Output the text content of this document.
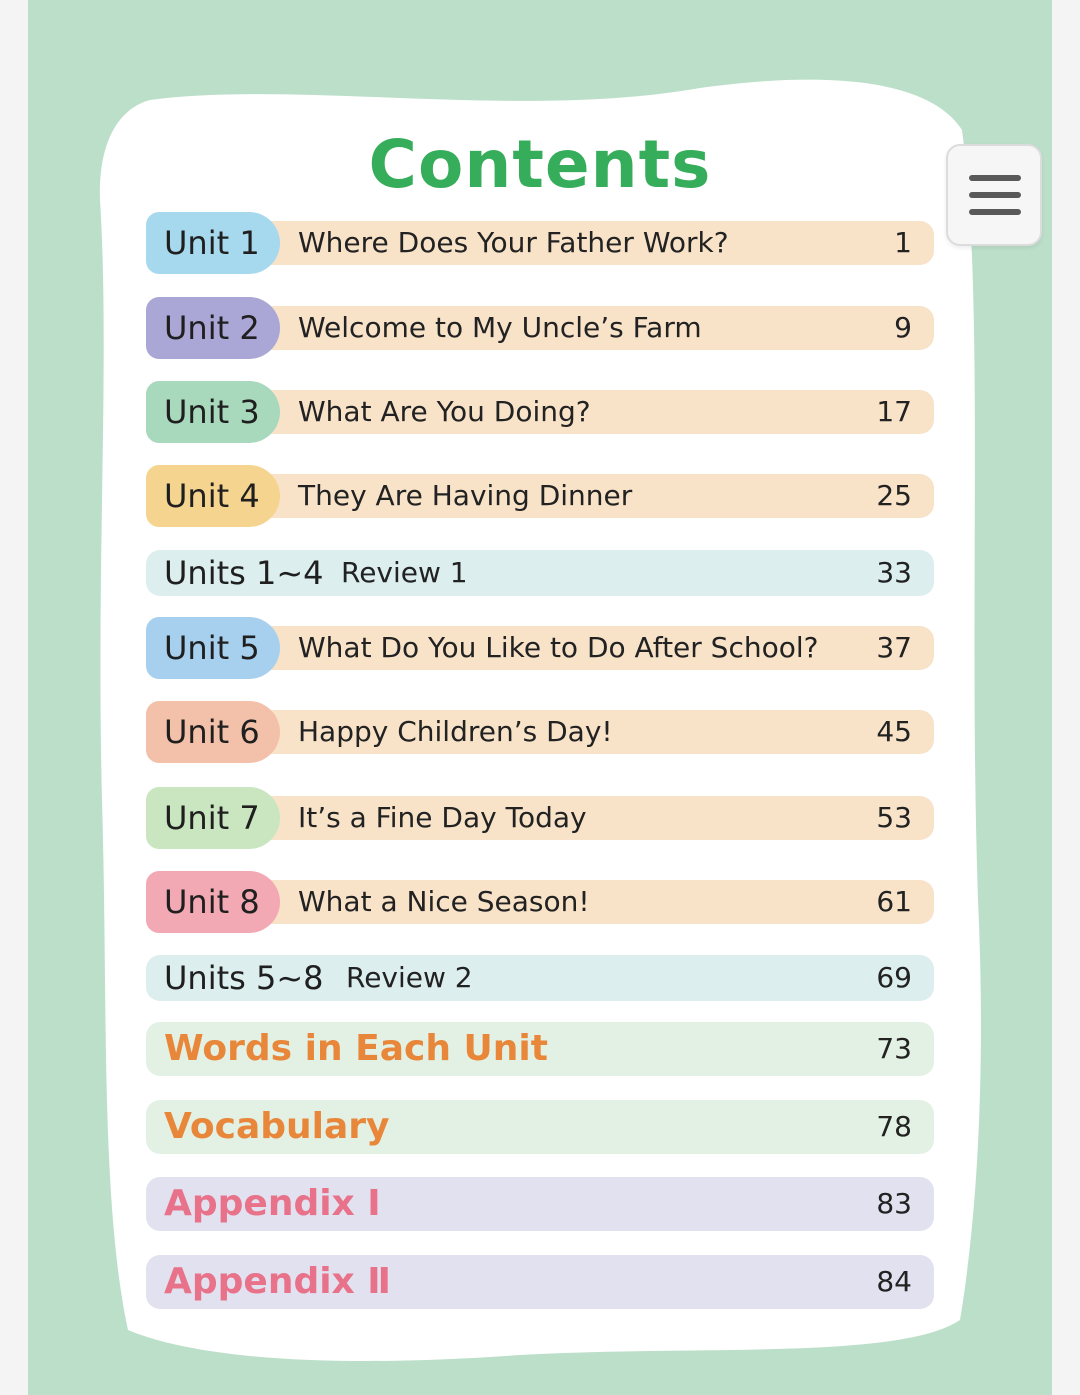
Contents
Unit 1	Where Does Your Father Work?	1
Unit 2	Welcome to My Uncle’s Farm	9
Unit 3	What Are You Doing?	17
Unit 4	They Are Having Dinner	25
Units 1~4 Review 1	33
Unit 5	What Do You Like to Do After School? 37
Unit 6	Happy Children’s Day!	45
Unit 7	It’s a Fine Day Today	53
Unit 8	What a Nice Season!	61
Units 5~8 Review 2	69
Words in Each Unit	73
Vocabulary	78
Appendix Ⅰ	83
Appendix Ⅱ	84
